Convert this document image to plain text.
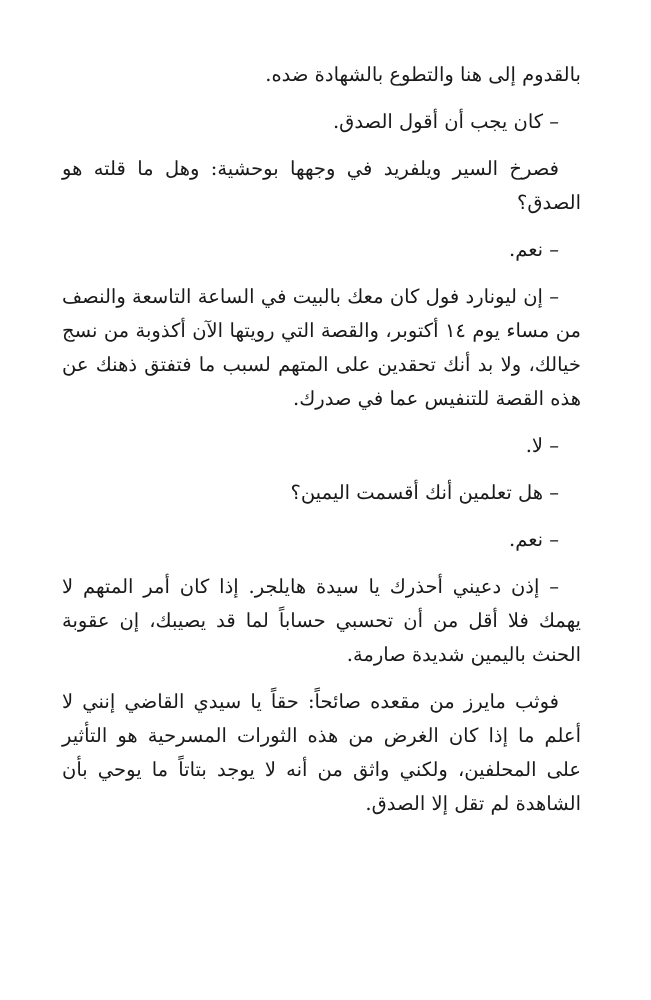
بالقدوم إلى هنا والتطوع بالشهادة ضده.

– كان يجب أن أقول الصدق.

فصرخ السير ويلفريد في وجهها بوحشية: وهل ما قلته هو الصدق؟

– نعم.

– إن ليونارد فول كان معك بالبيت في الساعة التاسعة والنصف من مساء يوم ١٤ أكتوبر، والقصة التي رويتها الآن أكذوبة من نسج خيالك، ولا بد أنك تحقدين على المتهم لسبب ما فتفتق ذهنك عن هذه القصة للتنفيس عما في صدرك.

– لا.

– هل تعلمين أنك أقسمت اليمين؟

– نعم.

– إذن دعيني أحذرك يا سيدة هايلجر. إذا كان أمر المتهم لا يهمك فلا أقل من أن تحسبي حساباً لما قد يصيبك، إن عقوبة الحنث باليمين شديدة صارمة.

فوثب مايرز من مقعده صائحاً: حقاً يا سيدي القاضي إنني لا أعلم ما إذا كان الغرض من هذه الثورات المسرحية هو التأثير على المحلفين، ولكني واثق من أنه لا يوجد بتاتاً ما يوحي بأن الشاهدة لم تقل إلا الصدق.
